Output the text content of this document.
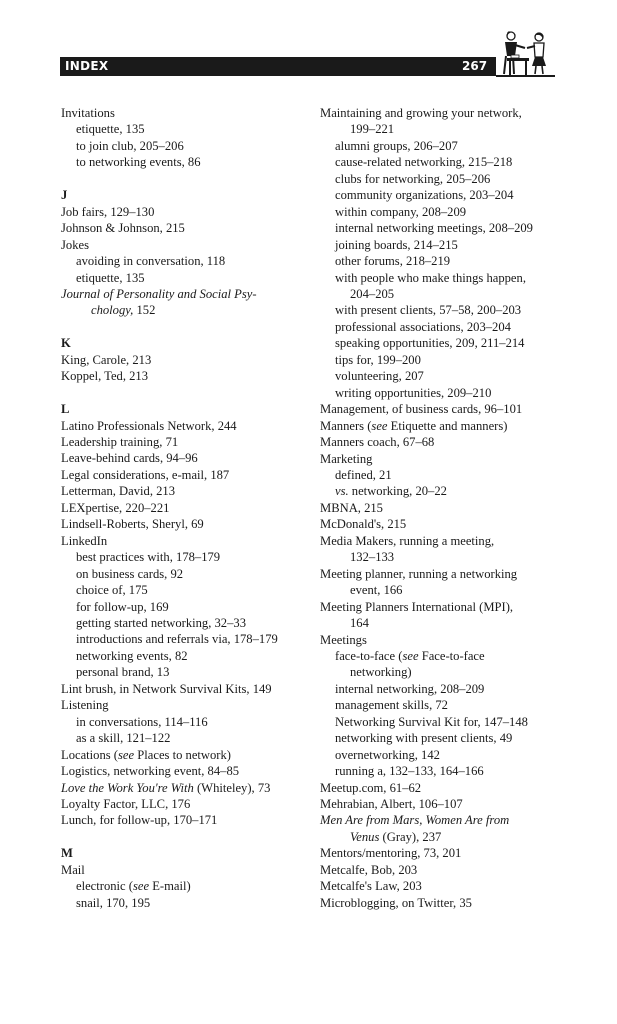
INDEX	267
Invitations
etiquette, 135
to join club, 205–206
to networking events, 86
J
Job fairs, 129–130
Johnson & Johnson, 215
Jokes
avoiding in conversation, 118
etiquette, 135
Journal of Personality and Social Psy-
chology, 152
K
King, Carole, 213
Koppel, Ted, 213
L
Latino Professionals Network, 244
Leadership training, 71
Leave-behind cards, 94–96
Legal considerations, e-mail, 187
Letterman, David, 213
LEXpertise, 220–221
Lindsell-Roberts, Sheryl, 69
LinkedIn
best practices with, 178–179
on business cards, 92
choice of, 175
for follow-up, 169
getting started networking, 32–33
introductions and referrals via, 178–179
networking events, 82
personal brand, 13
Lint brush, in Network Survival Kits, 149
Listening
in conversations, 114–116
as a skill, 121–122
Locations (see Places to network)
Logistics, networking event, 84–85
Love the Work You're With (Whiteley), 73
Loyalty Factor, LLC, 176
Lunch, for follow-up, 170–171
M
Mail
electronic (see E-mail)
snail, 170, 195
Maintaining and growing your network,
199–221
alumni groups, 206–207
cause-related networking, 215–218
clubs for networking, 205–206
community organizations, 203–204
within company, 208–209
internal networking meetings, 208–209
joining boards, 214–215
other forums, 218–219
with people who make things happen,
204–205
with present clients, 57–58, 200–203
professional associations, 203–204
speaking opportunities, 209, 211–214
tips for, 199–200
volunteering, 207
writing opportunities, 209–210
Management, of business cards, 96–101
Manners (see Etiquette and manners)
Manners coach, 67–68
Marketing
defined, 21
vs. networking, 20–22
MBNA, 215
McDonald's, 215
Media Makers, running a meeting,
132–133
Meeting planner, running a networking
event, 166
Meeting Planners International (MPI),
164
Meetings
face-to-face (see Face-to-face
networking)
internal networking, 208–209
management skills, 72
Networking Survival Kit for, 147–148
networking with present clients, 49
overnetworking, 142
running a, 132–133, 164–166
Meetup.com, 61–62
Mehrabian, Albert, 106–107
Men Are from Mars, Women Are from
Venus (Gray), 237
Mentors/mentoring, 73, 201
Metcalfe, Bob, 203
Metcalfe's Law, 203
Microblogging, on Twitter, 35
